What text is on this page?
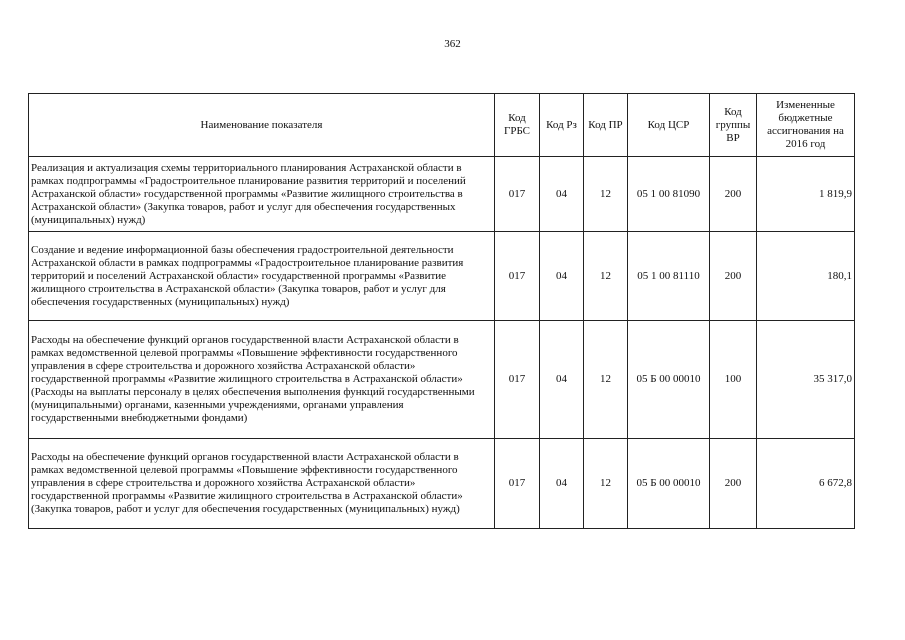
362
Наименование показателя	Код ГРБС	Код Рз	Код ПР	Код ЦСР	Код группы ВР	Измененные бюджетные ассигнования на 2016 год
Реализация и актуализация схемы территориального планирования Астраханской области в рамках подпрограммы «Градостроительное планирование развития территорий и поселений Астраханской области» государственной программы «Развитие жилищного строительства в Астраханской области» (Закупка товаров, работ и услуг для обеспечения государственных (муниципальных) нужд)	017	04	12	05 1 00 81090	200	1 819,9
Создание и ведение информационной базы обеспечения градостроительной деятельности Астраханской области в рамках подпрограммы «Градостроительное планирование развития территорий и поселений Астраханской области» государственной программы «Развитие жилищного строительства в Астраханской области» (Закупка товаров, работ и услуг для обеспечения государственных (муниципальных) нужд)	017	04	12	05 1 00 81110	200	180,1
Расходы на обеспечение функций органов государственной власти Астраханской области в рамках ведомственной целевой программы «Повышение эффективности государственного управления в сфере строительства и дорожного хозяйства Астраханской области» государственной программы «Развитие жилищного строительства в Астраханской области» (Расходы на выплаты персоналу в целях обеспечения выполнения функций государственными (муниципальными) органами, казенными учреждениями, органами управления государственными внебюджетными фондами)	017	04	12	05 Б 00 00010	100	35 317,0
Расходы на обеспечение функций органов государственной власти Астраханской области в рамках ведомственной целевой программы «Повышение эффективности государственного управления в сфере строительства и дорожного хозяйства Астраханской области» государственной программы «Развитие жилищного строительства в Астраханской области» (Закупка товаров, работ и услуг для обеспечения государственных (муниципальных) нужд)	017	04	12	05 Б 00 00010	200	6 672,8
